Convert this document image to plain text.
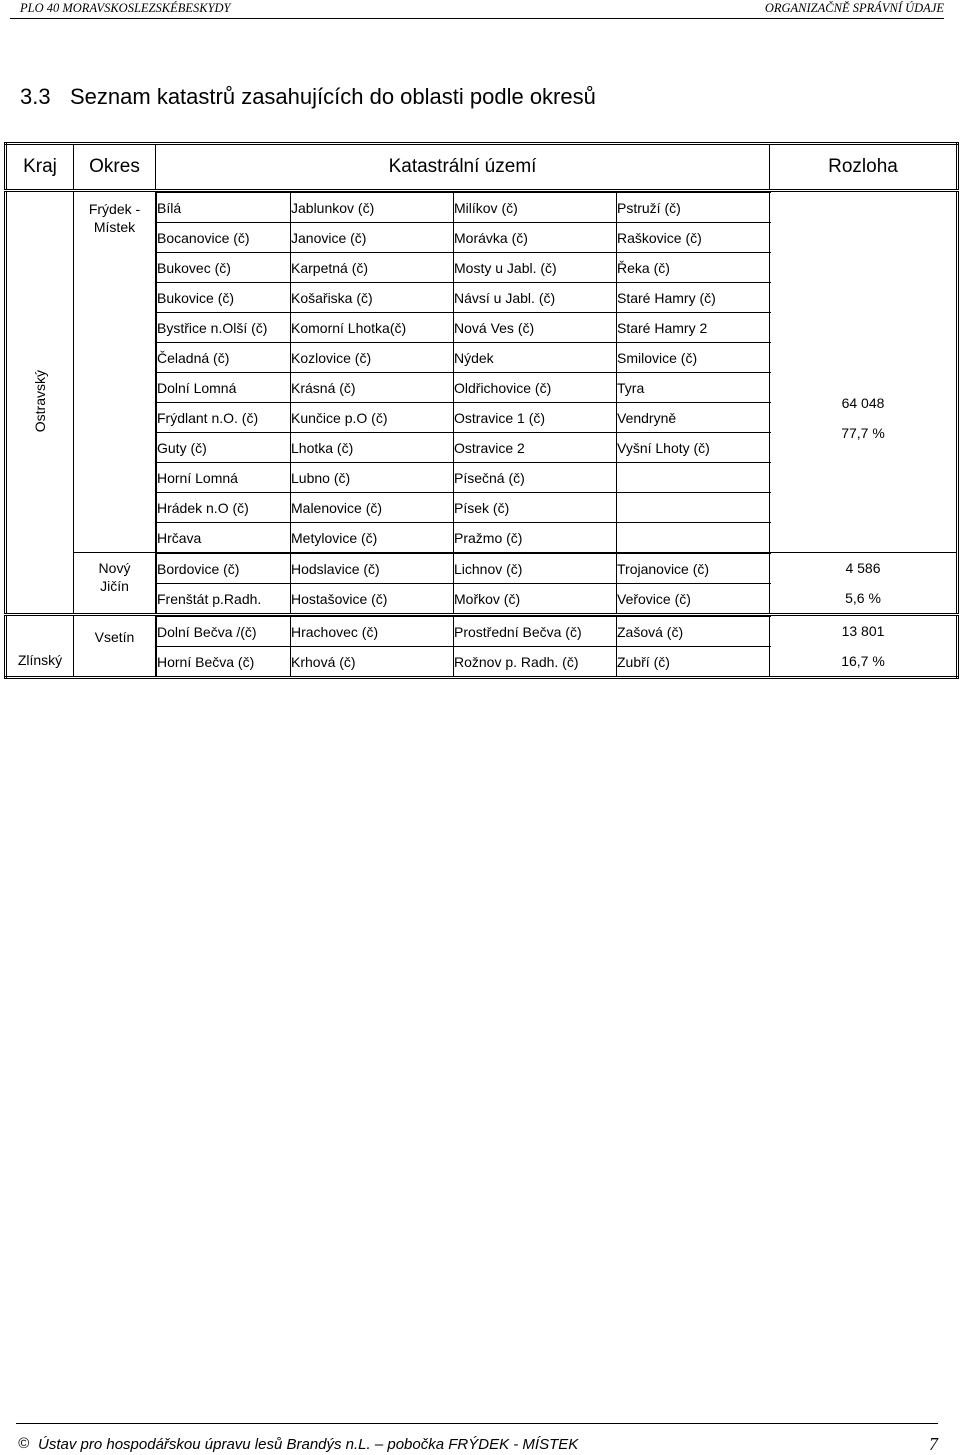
PLO 40 MORAVSKOSLEZSKÉBESKYDY	ORGANIZAČNĚ SPRÁVNÍ ÚDAJE
3.3 Seznam katastrů zasahujících do oblasti podle okresů
Kraj	Okres	Katastrální území	Rozloha
Ostravský	
Frýdek -
Místek

Bílá	Jablunkov (č)	Milíkov (č)	Pstruží (č)
Bocanovice (č)	Janovice (č)	Morávka (č)	Raškovice (č)
Bukovec (č)	Karpetná (č)	Mosty u Jabl. (č)	Řeka (č)
Bukovice (č)	Košařiska (č)	Návsí u Jabl. (č)	Staré Hamry (č)
Bystřice n.Olší (č)	Komorní Lhotka(č)	Nová Ves (č)	Staré Hamry 2
Čeladná (č)	Kozlovice (č)	Nýdek	Smilovice (č)
Dolní Lomná	Krásná (č)	Oldřichovice (č)	Tyra
Frýdlant n.O. (č)	Kunčice p.O (č)	Ostravice 1 (č)	Vendryně
Guty (č)	Lhotka (č)	Ostravice 2	Vyšní Lhoty (č)
Horní Lomná	Lubno (č)	Písečná (č)	
Hrádek n.O (č)	Malenovice (č)	Písek (č)	
Hrčava	Metylovice (č)	Pražmo (č)	

64 048
77,7 %

Nový
Jičín

Bordovice (č)	Hodslavice (č)	Lichnov (č)	Trojanovice (č)
Frenštát p.Radh.	Hostašovice (č)	Mořkov (č)	Veřovice (č)

4 586
5,6 %

Zlínský	
Vsetín
		Dolní Bečva /(č)	Hrachovec (č)	Prostřední Bečva (č)	Zašová (č)
Horní Bečva (č)	Krhová (č)	Rožnov p. Radh. (č)	Zubří (č)

13 801
16,7 %
© Ústav pro hospodářskou úpravu lesů Brandýs n.L. – pobočka FRÝDEK - MÍSTEK	7
